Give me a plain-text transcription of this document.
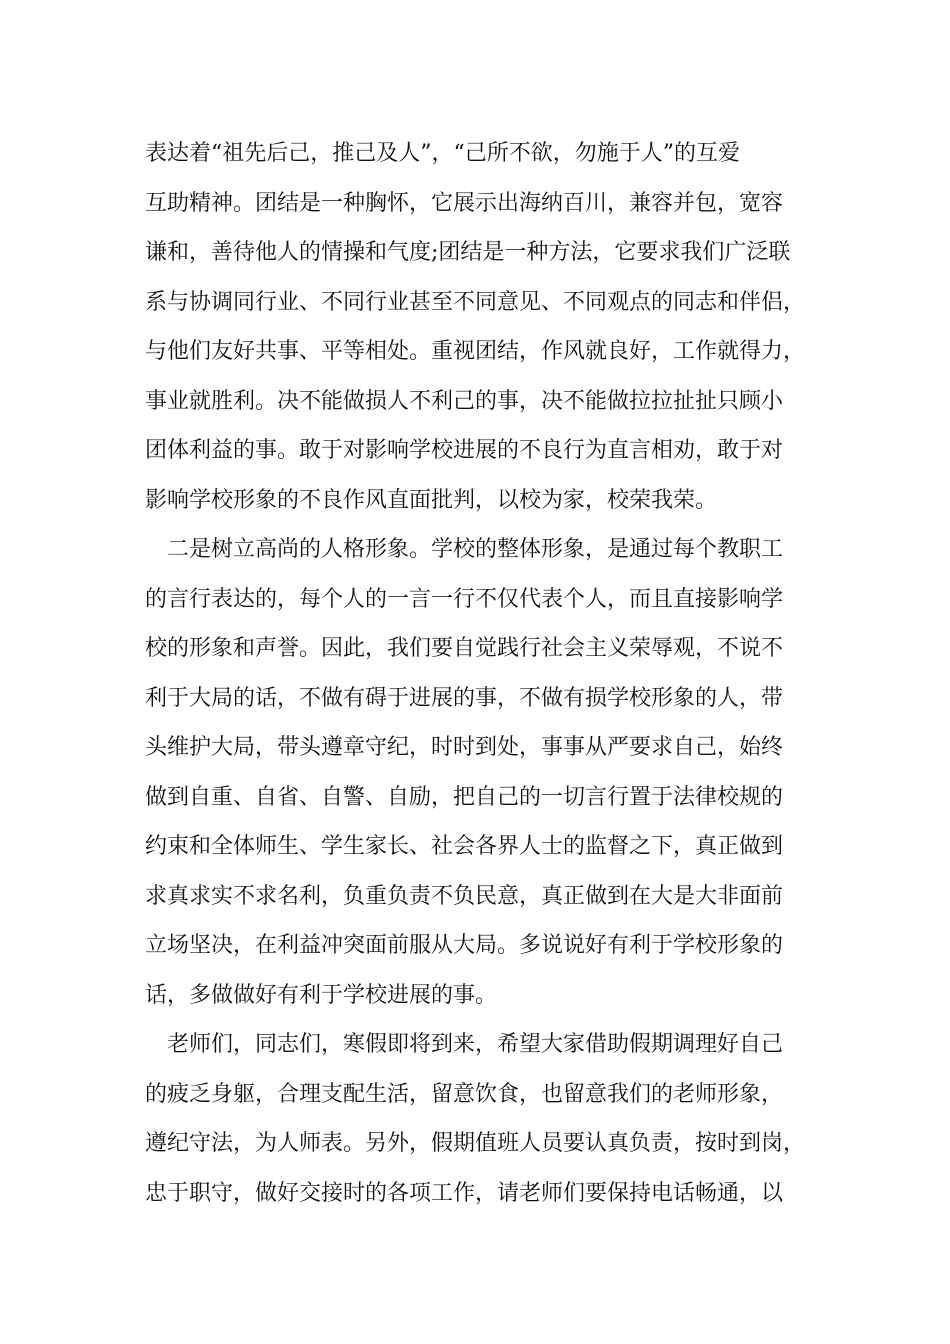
表达着“祖先后己，推己及人”，“己所不欲，勿施于人”的互爱
互助精神。团结是一种胸怀，它展示出海纳百川，兼容并包，宽容
谦和，善待他人的情操和气度;团结是一种方法，它要求我们广泛联
系与协调同行业、不同行业甚至不同意见、不同观点的同志和伴侣，
与他们友好共事、平等相处。重视团结，作风就良好，工作就得力，
事业就胜利。决不能做损人不利己的事，决不能做拉拉扯扯只顾小
团体利益的事。敢于对影响学校进展的不良行为直言相劝，敢于对
影响学校形象的不良作风直面批判，以校为家，校荣我荣。
二是树立高尚的人格形象。学校的整体形象，是通过每个教职工
的言行表达的，每个人的一言一行不仅代表个人，而且直接影响学
校的形象和声誉。因此，我们要自觉践行社会主义荣辱观，不说不
利于大局的话，不做有碍于进展的事，不做有损学校形象的人，带
头维护大局，带头遵章守纪，时时到处，事事从严要求自己，始终
做到自重、自省、自警、自励，把自己的一切言行置于法律校规的
约束和全体师生、学生家长、社会各界人士的监督之下，真正做到
求真求实不求名利，负重负责不负民意，真正做到在大是大非面前
立场坚决，在利益冲突面前服从大局。多说说好有利于学校形象的
话，多做做好有利于学校进展的事。
老师们，同志们，寒假即将到来，希望大家借助假期调理好自己
的疲乏身躯，合理支配生活，留意饮食，也留意我们的老师形象，
遵纪守法，为人师表。另外，假期值班人员要认真负责，按时到岗，
忠于职守，做好交接时的各项工作，请老师们要保持电话畅通，以
